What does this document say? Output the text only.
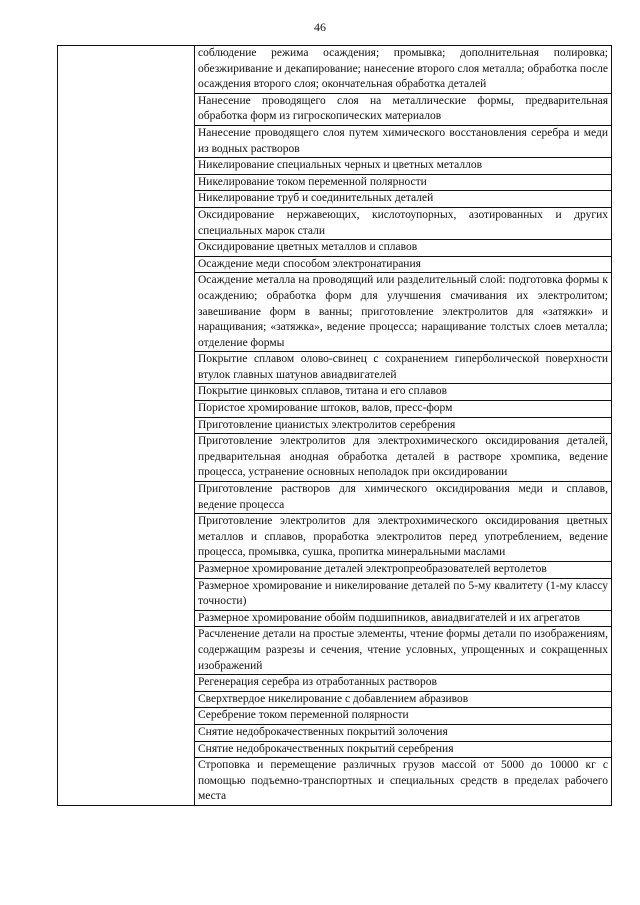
46
	соблюдение режима осаждения; промывка; дополнительная полировка; обезжиривание и декапирование; нанесение второго слоя металла; обработка после осаждения второго слоя; окончательная обработка деталей
Нанесение проводящего слоя на металлические формы, предварительная обработка форм из гигроскопических материалов
Нанесение проводящего слоя путем химического восстановления серебра и меди из водных растворов
Никелирование специальных черных и цветных металлов
Никелирование током переменной полярности
Никелирование труб и соединительных деталей
Оксидирование нержавеющих, кислотоупорных, азотированных и других специальных марок стали
Оксидирование цветных металлов и сплавов
Осаждение меди способом электронатирания
Осаждение металла на проводящий или разделительный слой: подготовка формы к осаждению; обработка форм для улучшения смачивания их электролитом; завешивание форм в ванны; приготовление электролитов для «затяжки» и наращивания; «затяжка», ведение процесса; наращивание толстых слоев металла; отделение формы
Покрытие сплавом олово-свинец с сохранением гиперболической поверхности втулок главных шатунов авиадвигателей
Покрытие цинковых сплавов, титана и его сплавов
Пористое хромирование штоков, валов, пресс-форм
Приготовление цианистых электролитов серебрения
Приготовление электролитов для электрохимического оксидирования деталей, предварительная анодная обработка деталей в растворе хромпика, ведение процесса, устранение основных неполадок при оксидировании
Приготовление растворов для химического оксидирования меди и сплавов, ведение процесса
Приготовление электролитов для электрохимического оксидирования цветных металлов и сплавов, проработка электролитов перед употреблением, ведение процесса, промывка, сушка, пропитка минеральными маслами
Размерное хромирование деталей электропреобразователей вертолетов
Размерное хромирование и никелирование деталей по 5-му квалитету (1-му классу точности)
Размерное хромирование обойм подшипников, авиадвигателей и их агрегатов
Расчленение детали на простые элементы, чтение формы детали по изображениям, содержащим разрезы и сечения, чтение условных, упрощенных и сокращенных изображений
Регенерация серебра из отработанных растворов
Сверхтвердое никелирование с добавлением абразивов
Серебрение током переменной полярности
Снятие недоброкачественных покрытий золочения
Снятие недоброкачественных покрытий серебрения
Строповка и перемещение различных грузов массой от 5000 до 10000 кг с помощью подъемно-транспортных и специальных средств в пределах рабочего места
